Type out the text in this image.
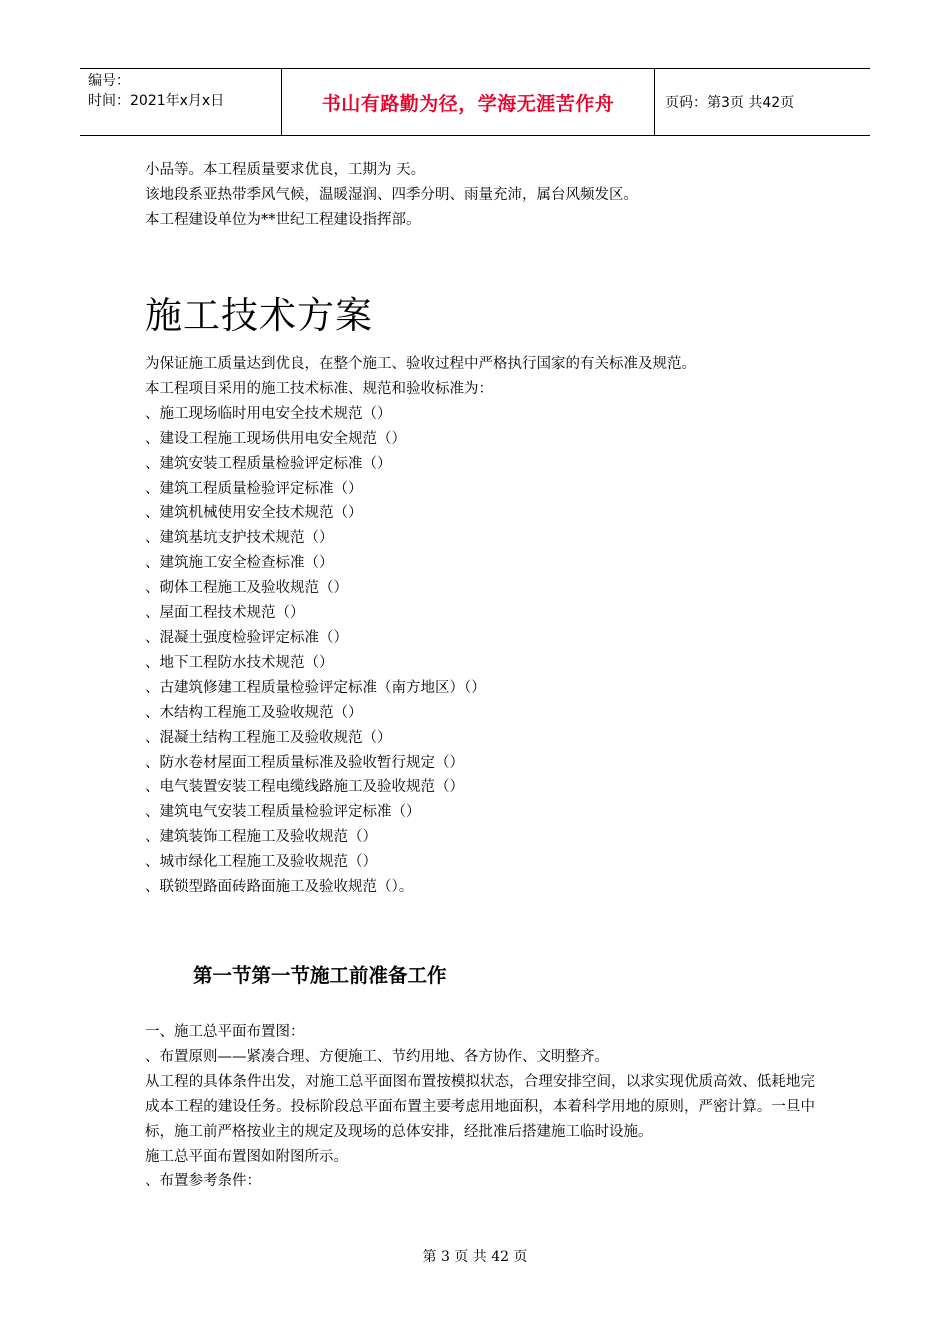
编号：
时间：2021年x月x日	书山有路勤为径，学海无涯苦作舟	页码：第3页 共42页

小品等。本工程质量要求优良，工期为 天。

该地段系亚热带季风气候，温暖湿润、四季分明、雨量充沛，属台风频发区。

本工程建设单位为**世纪工程建设指挥部。

施工技术方案

为保证施工质量达到优良，在整个施工、验收过程中严格执行国家的有关标准及规范。

本工程项目采用的施工技术标准、规范和验收标准为：

、施工现场临时用电安全技术规范（）

、建设工程施工现场供用电安全规范（）

、建筑安装工程质量检验评定标准（）

、建筑工程质量检验评定标准（）

、建筑机械使用安全技术规范（）

、建筑基坑支护技术规范（）

、建筑施工安全检查标准（）

、砌体工程施工及验收规范（）

、屋面工程技术规范（）

、混凝土强度检验评定标准（）

、地下工程防水技术规范（）

、古建筑修建工程质量检验评定标准（南方地区）（）

、木结构工程施工及验收规范（）

、混凝土结构工程施工及验收规范（）

、防水卷材屋面工程质量标准及验收暂行规定（）

、电气装置安装工程电缆线路施工及验收规范（）

、建筑电气安装工程质量检验评定标准（）

、建筑装饰工程施工及验收规范（）

、城市绿化工程施工及验收规范（）

、联锁型路面砖路面施工及验收规范（）。

第一节第一节施工前准备工作

一、施工总平面布置图：

、布置原则——紧凑合理、方便施工、节约用地、各方协作、文明整齐。

从工程的具体条件出发，对施工总平面图布置按模拟状态，合理安排空间，以求实现优质高效、低耗地完成本工程的建设任务。投标阶段总平面布置主要考虑用地面积，本着科学用地的原则，严密计算。一旦中标，施工前严格按业主的规定及现场的总体安排，经批准后搭建施工临时设施。

施工总平面布置图如附图所示。

、布置参考条件：

第 3 页 共 42 页
